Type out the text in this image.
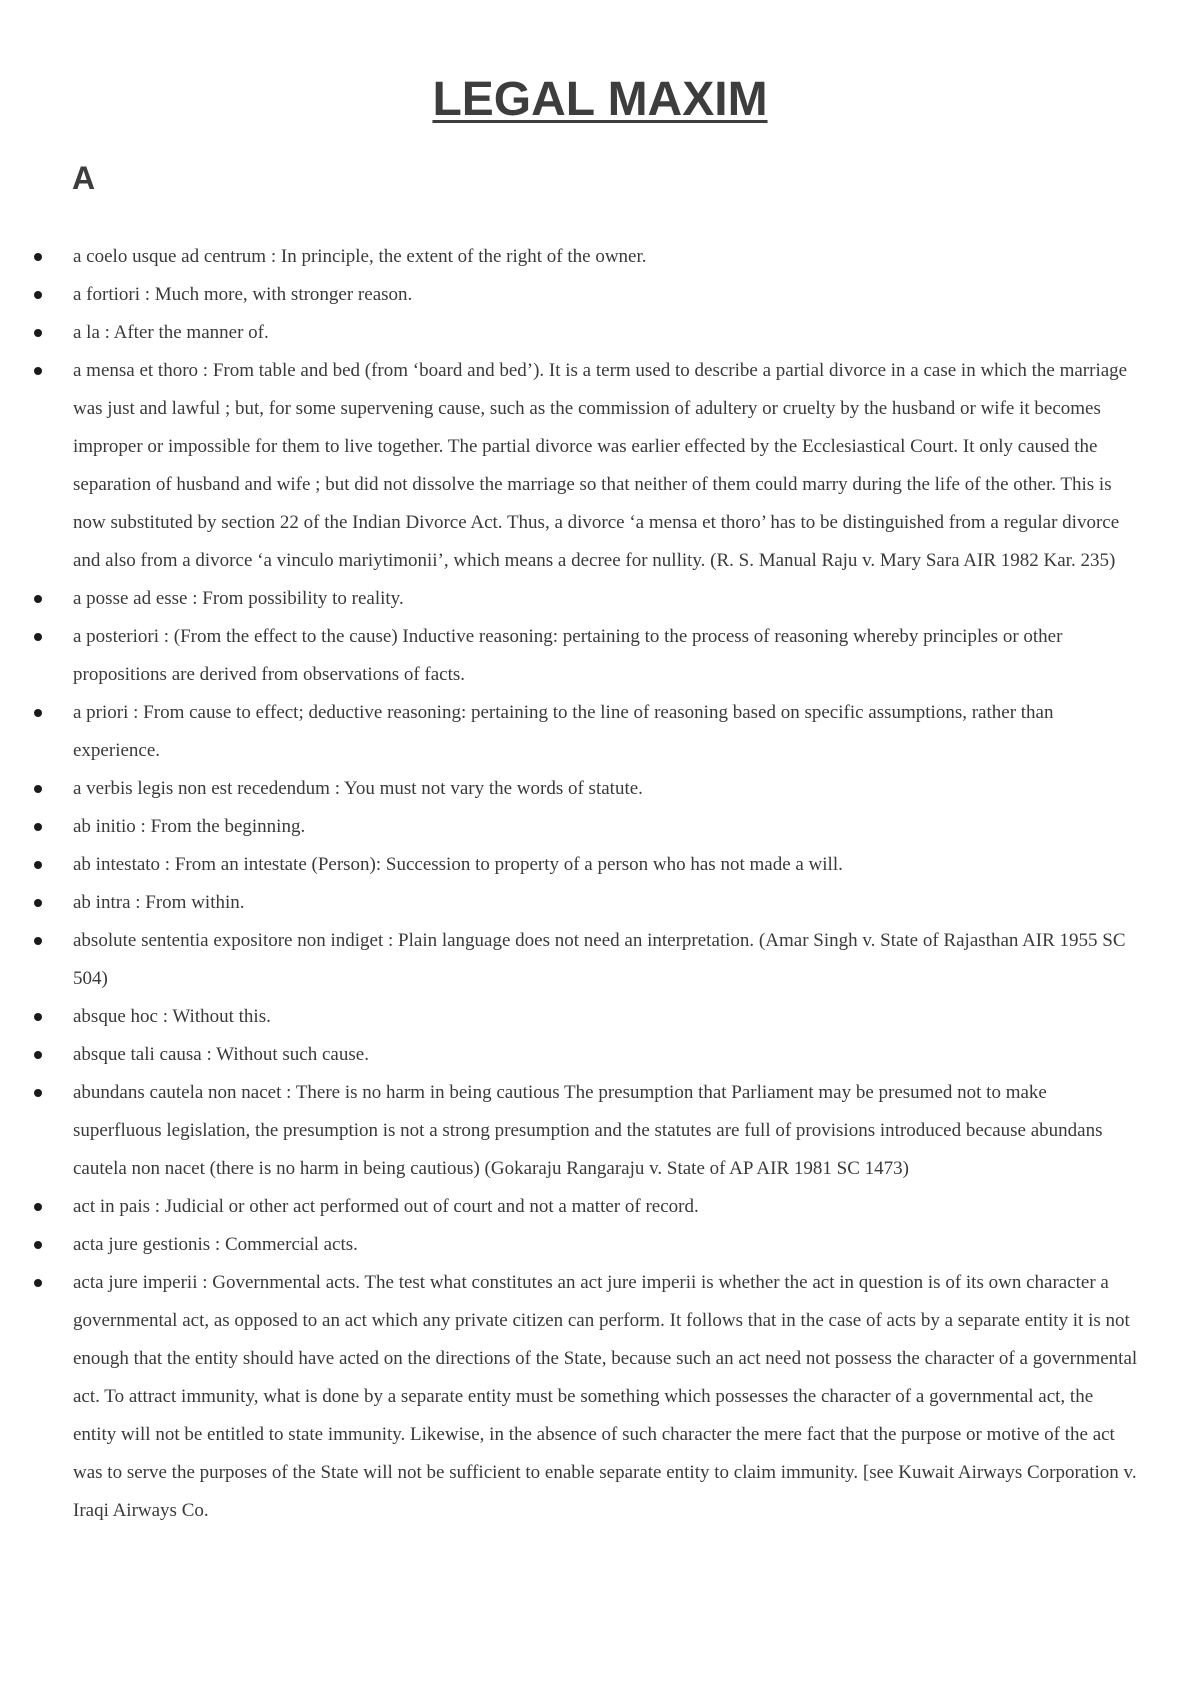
LEGAL MAXIM
A
a coelo usque ad centrum : In principle, the extent of the right of the owner.
a fortiori : Much more, with stronger reason.
a la : After the manner of.
a mensa et thoro : From table and bed (from ‘board and bed’). It is a term used to describe a partial divorce in a case in which the marriage was just and lawful ; but, for some supervening cause, such as the commission of adultery or cruelty by the husband or wife it becomes improper or impossible for them to live together. The partial divorce was earlier effected by the Ecclesiastical Court. It only caused the separation of husband and wife ; but did not dissolve the marriage so that neither of them could marry during the life of the other. This is now substituted by section 22 of the Indian Divorce Act. Thus, a divorce ‘a mensa et thoro’ has to be distinguished from a regular divorce and also from a divorce ‘a vinculo mariytimonii’, which means a decree for nullity. (R. S. Manual Raju v. Mary Sara AIR 1982 Kar. 235)
a posse ad esse : From possibility to reality.
a posteriori : (From the effect to the cause) Inductive reasoning: pertaining to the process of reasoning whereby principles or other propositions are derived from observations of facts.
a priori : From cause to effect; deductive reasoning: pertaining to the line of reasoning based on specific assumptions, rather than experience.
a verbis legis non est recedendum : You must not vary the words of statute.
ab initio : From the beginning.
ab intestato : From an intestate (Person): Succession to property of a person who has not made a will.
ab intra : From within.
absolute sententia expositore non indiget : Plain language does not need an interpretation. (Amar Singh v. State of Rajasthan AIR 1955 SC 504)
absque hoc : Without this.
absque tali causa : Without such cause.
abundans cautela non nacet : There is no harm in being cautious The presumption that Parliament may be presumed not to make superfluous legislation, the presumption is not a strong presumption and the statutes are full of provisions introduced because abundans cautela non nacet (there is no harm in being cautious) (Gokaraju Rangaraju v. State of AP AIR 1981 SC 1473)
act in pais : Judicial or other act performed out of court and not a matter of record.
acta jure gestionis : Commercial acts.
acta jure imperii : Governmental acts. The test what constitutes an act jure imperii is whether the act in question is of its own character a governmental act, as opposed to an act which any private citizen can perform. It follows that in the case of acts by a separate entity it is not enough that the entity should have acted on the directions of the State, because such an act need not possess the character of a governmental act. To attract immunity, what is done by a separate entity must be something which possesses the character of a governmental act, the entity will not be entitled to state immunity. Likewise, in the absence of such character the mere fact that the purpose or motive of the act was to serve the purposes of the State will not be sufficient to enable separate entity to claim immunity. [see Kuwait Airways Corporation v. Iraqi Airways Co.
